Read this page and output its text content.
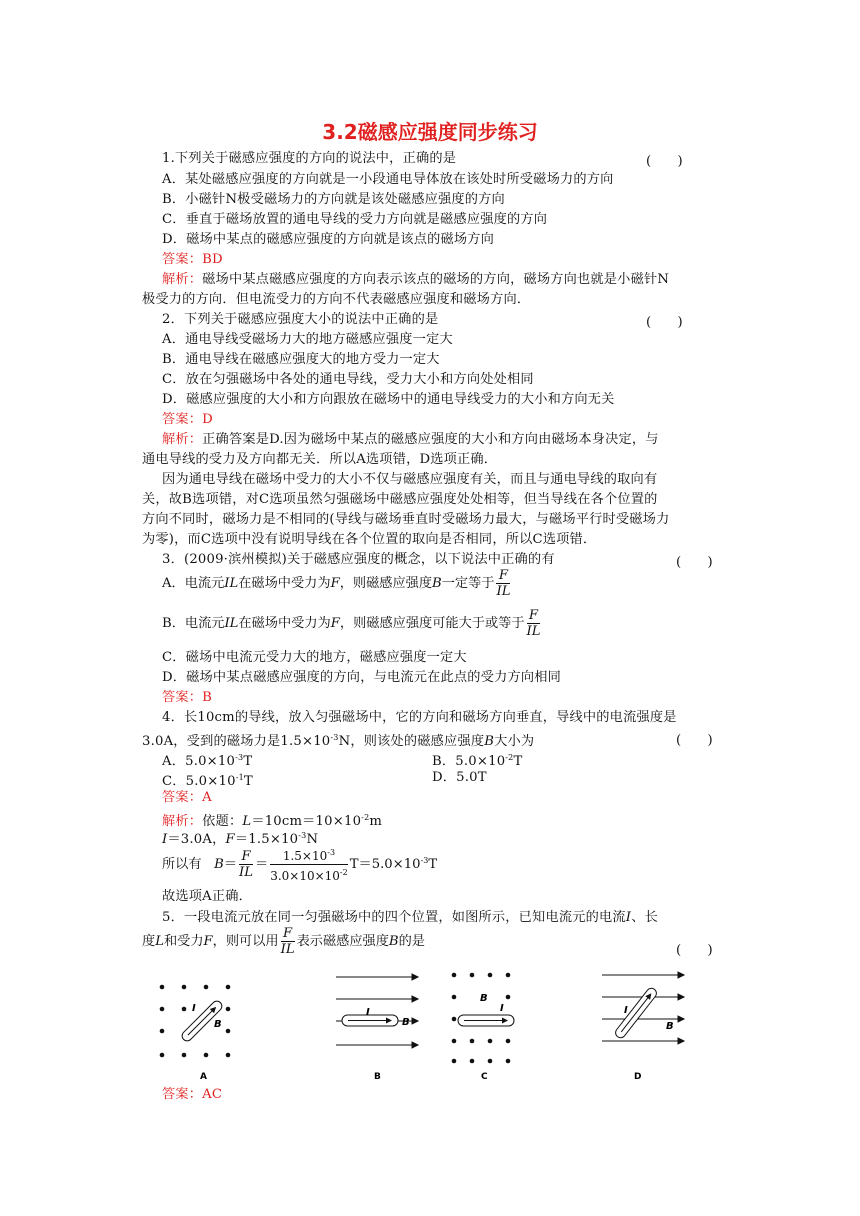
3.2磁感应强度同步练习
1.下列关于磁感应强度的方向的说法中，正确的是	(　　)
A．某处磁感应强度的方向就是一小段通电导体放在该处时所受磁场力的方向
B．小磁针N极受磁场力的方向就是该处磁感应强度的方向
C．垂直于磁场放置的通电导线的受力方向就是磁感应强度的方向
D．磁场中某点的磁感应强度的方向就是该点的磁场方向
答案：BD
解析：磁场中某点磁感应强度的方向表示该点的磁场的方向，磁场方向也就是小磁针N
极受力的方向．但电流受力的方向不代表磁感应强度和磁场方向．
2．下列关于磁感应强度大小的说法中正确的是	(　　)
A．通电导线受磁场力大的地方磁感应强度一定大
B．通电导线在磁感应强度大的地方受力一定大
C．放在匀强磁场中各处的通电导线，受力大小和方向处处相同
D．磁感应强度的大小和方向跟放在磁场中的通电导线受力的大小和方向无关
答案：D
解析：正确答案是D.因为磁场中某点的磁感应强度的大小和方向由磁场本身决定，与
通电导线的受力及方向都无关．所以A选项错，D选项正确．
因为通电导线在磁场中受力的大小不仅与磁感应强度有关，而且与通电导线的取向有
关，故B选项错，对C选项虽然匀强磁场中磁感应强度处处相等，但当导线在各个位置的
方向不同时，磁场力是不相同的(导线与磁场垂直时受磁场力最大，与磁场平行时受磁场力
为零)，而C选项中没有说明导线在各个位置的取向是否相同，所以C选项错．
3．(2009·滨州模拟)关于磁感应强度的概念，以下说法中正确的有	(　　)
A．电流元IL在磁场中受力为F，则磁感应强度B一定等于 $\frac{F}{IL}$
B．电流元IL在磁场中受力为F，则磁感应强度可能大于或等于 $\frac{F}{IL}$
C．磁场中电流元受力大的地方，磁感应强度一定大
D．磁场中某点磁感应强度的方向，与电流元在此点的受力方向相同
答案：B
4．长10cm的导线，放入匀强磁场中，它的方向和磁场方向垂直，导线中的电流强度是
3.0A，受到的磁场力是$1.5\times 10^{-3}N$，则该处的磁感应强度B大小为	(　　)
A．$5.0\times 10^{-3}T$	B．$5.0\times 10^{-2}T$
C．$5.0\times 10^{-1}T$	D．5.0T
答案：A
解析：依题：$L=10cm=10\times 10^{-2}m$
I＝3.0A，$F=1.5\times 10^{-3}N$
所以有 $B= \frac{F}{IL} = \frac{1.5\times 10^{-3}}{3.0\times 10\times 10^{-2}} T=5.0\times 10^{-3}T$
故选项A正确．
5．一段电流元放在同一匀强磁场中的四个位置，如图所示，已知电流元的电流I、长
度L和受力F，则可以用 $\frac{F}{IL}$ 表示磁感应强度B的是
(　　)
I
B
A
I
B
B
I
B
C
I
B
D
答案：AC
